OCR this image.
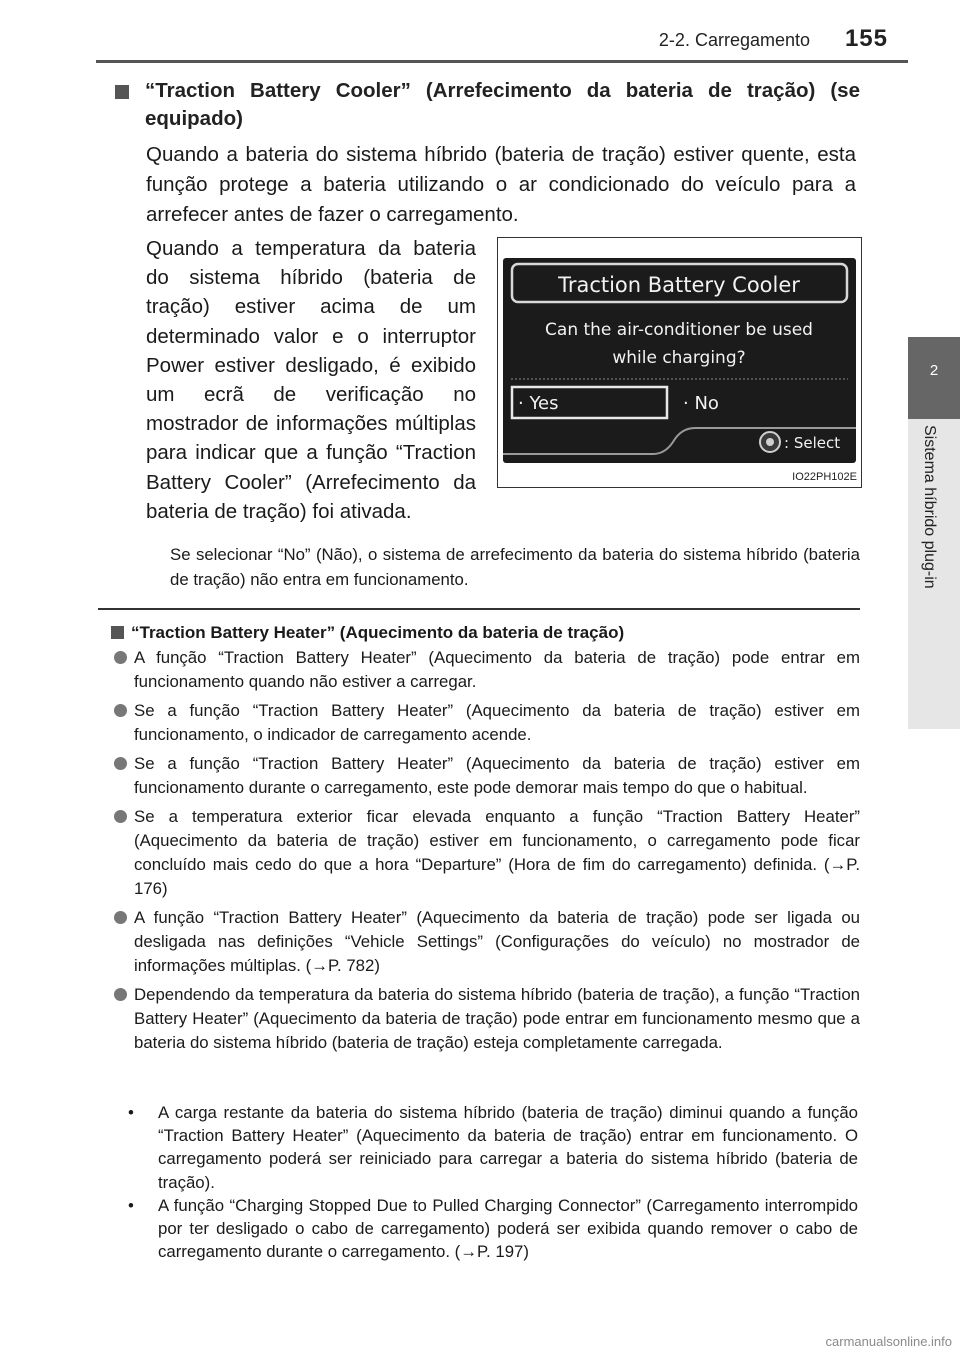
2-2. Carregamento	155
2
Sistema híbrido plug-in
“Traction Battery Cooler” (Arrefecimento da bateria de tração) (se equipado)
Quando a bateria do sistema híbrido (bateria de tração) estiver quente, esta função protege a bateria utilizando o ar condicionado do veículo para a arrefecer antes de fazer o carregamento.
Quando a temperatura da bateria do sistema híbrido (bateria de tração) estiver acima de um determinado valor e o interruptor Power estiver desligado, é exibido um ecrã de verificação no mostrador de informações múltiplas para indicar que a função “Traction Battery Cooler” (Arrefecimento da bateria de tração) foi ativada.
Traction Battery Cooler
Can the air-conditioner be used
while charging?
· Yes	· No
: Select
IO22PH102E
Se selecionar “No” (Não), o sistema de arrefecimento da bateria do sistema híbrido (bateria de tração) não entra em funcionamento.
“Traction Battery Heater” (Aquecimento da bateria de tração)
A função “Traction Battery Heater” (Aquecimento da bateria de tração) pode entrar em funcionamento quando não estiver a carregar.
Se a função “Traction Battery Heater” (Aquecimento da bateria de tração) estiver em funcionamento, o indicador de carregamento acende.
Se a função “Traction Battery Heater” (Aquecimento da bateria de tração) estiver em funcionamento durante o carregamento, este pode demorar mais tempo do que o habitual.
Se a temperatura exterior ficar elevada enquanto a função “Traction Battery Heater” (Aquecimento da bateria de tração) estiver em funcionamento, o carregamento pode ficar concluído mais cedo do que a hora “Departure” (Hora de fim do carregamento) definida. (→P. 176)
A função “Traction Battery Heater” (Aquecimento da bateria de tração) pode ser ligada ou desligada nas definições “Vehicle Settings” (Configurações do veículo) no mostrador de informações múltiplas. (→P. 782)
Dependendo da temperatura da bateria do sistema híbrido (bateria de tração), a função “Traction Battery Heater” (Aquecimento da bateria de tração) pode entrar em funcionamento mesmo que a bateria do sistema híbrido (bateria de tração) esteja completamente carregada.
• A carga restante da bateria do sistema híbrido (bateria de tração) diminui quando a função “Traction Battery Heater” (Aquecimento da bateria de tração) entrar em funcionamento. O carregamento poderá ser reiniciado para carregar a bateria do sistema híbrido (bateria de tração).
• A função “Charging Stopped Due to Pulled Charging Connector” (Carregamento interrompido por ter desligado o cabo de carregamento) poderá ser exibida quando remover o cabo de carregamento durante o carregamento. (→P. 197)
carmanualsonline.info
